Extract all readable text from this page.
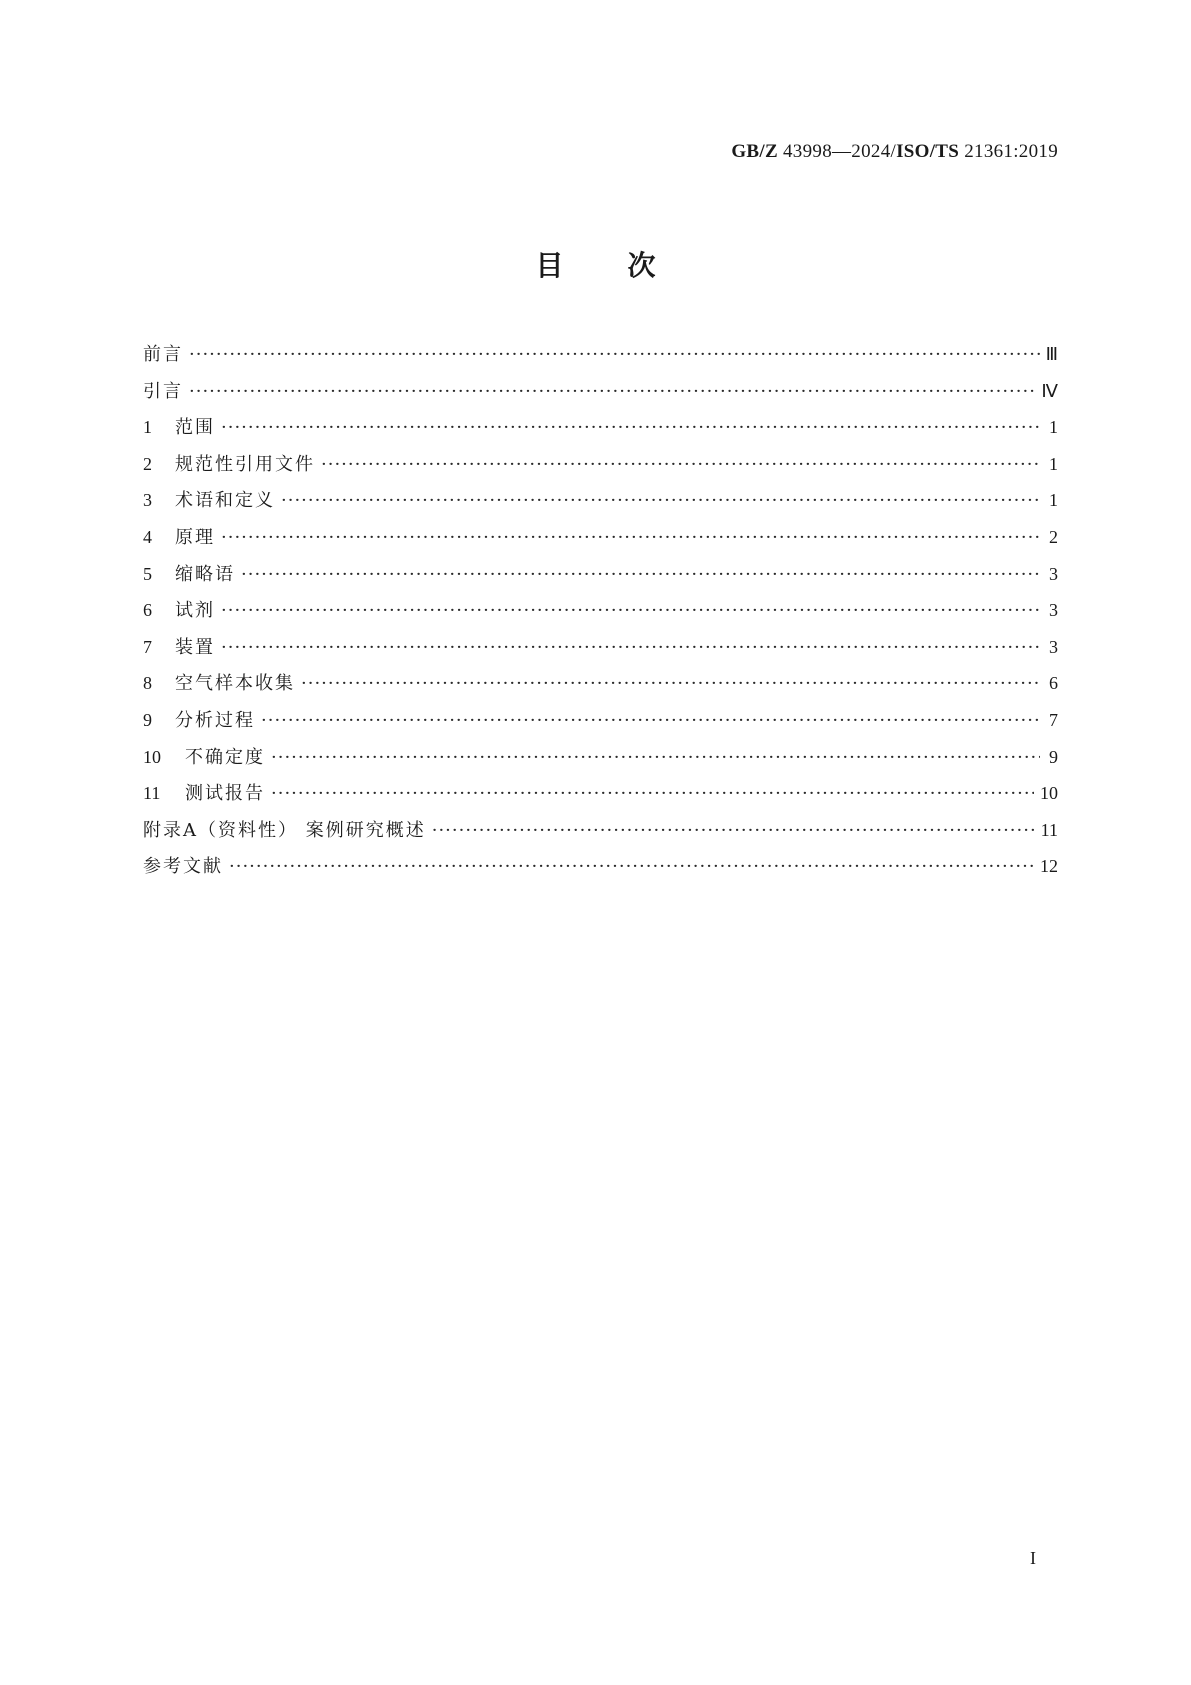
GB/Z 43998—2024/ISO/TS 21361:2019
目次
前言 ·····	Ⅲ
引言 ·····	Ⅳ
1	范围 ·····	1
2	规范性引用文件 ·····	1
3	术语和定义 ·····	1
4	原理 ·····	2
5	缩略语 ·····	3
6	试剂 ·····	3
7	装置 ·····	3
8	空气样本收集 ·····	6
9	分析过程 ·····	7
10	不确定度 ·····	9
11	测试报告 ·····	10
附录A（资料性） 案例研究概述 ·····	11
参考文献 ·····	12
I
